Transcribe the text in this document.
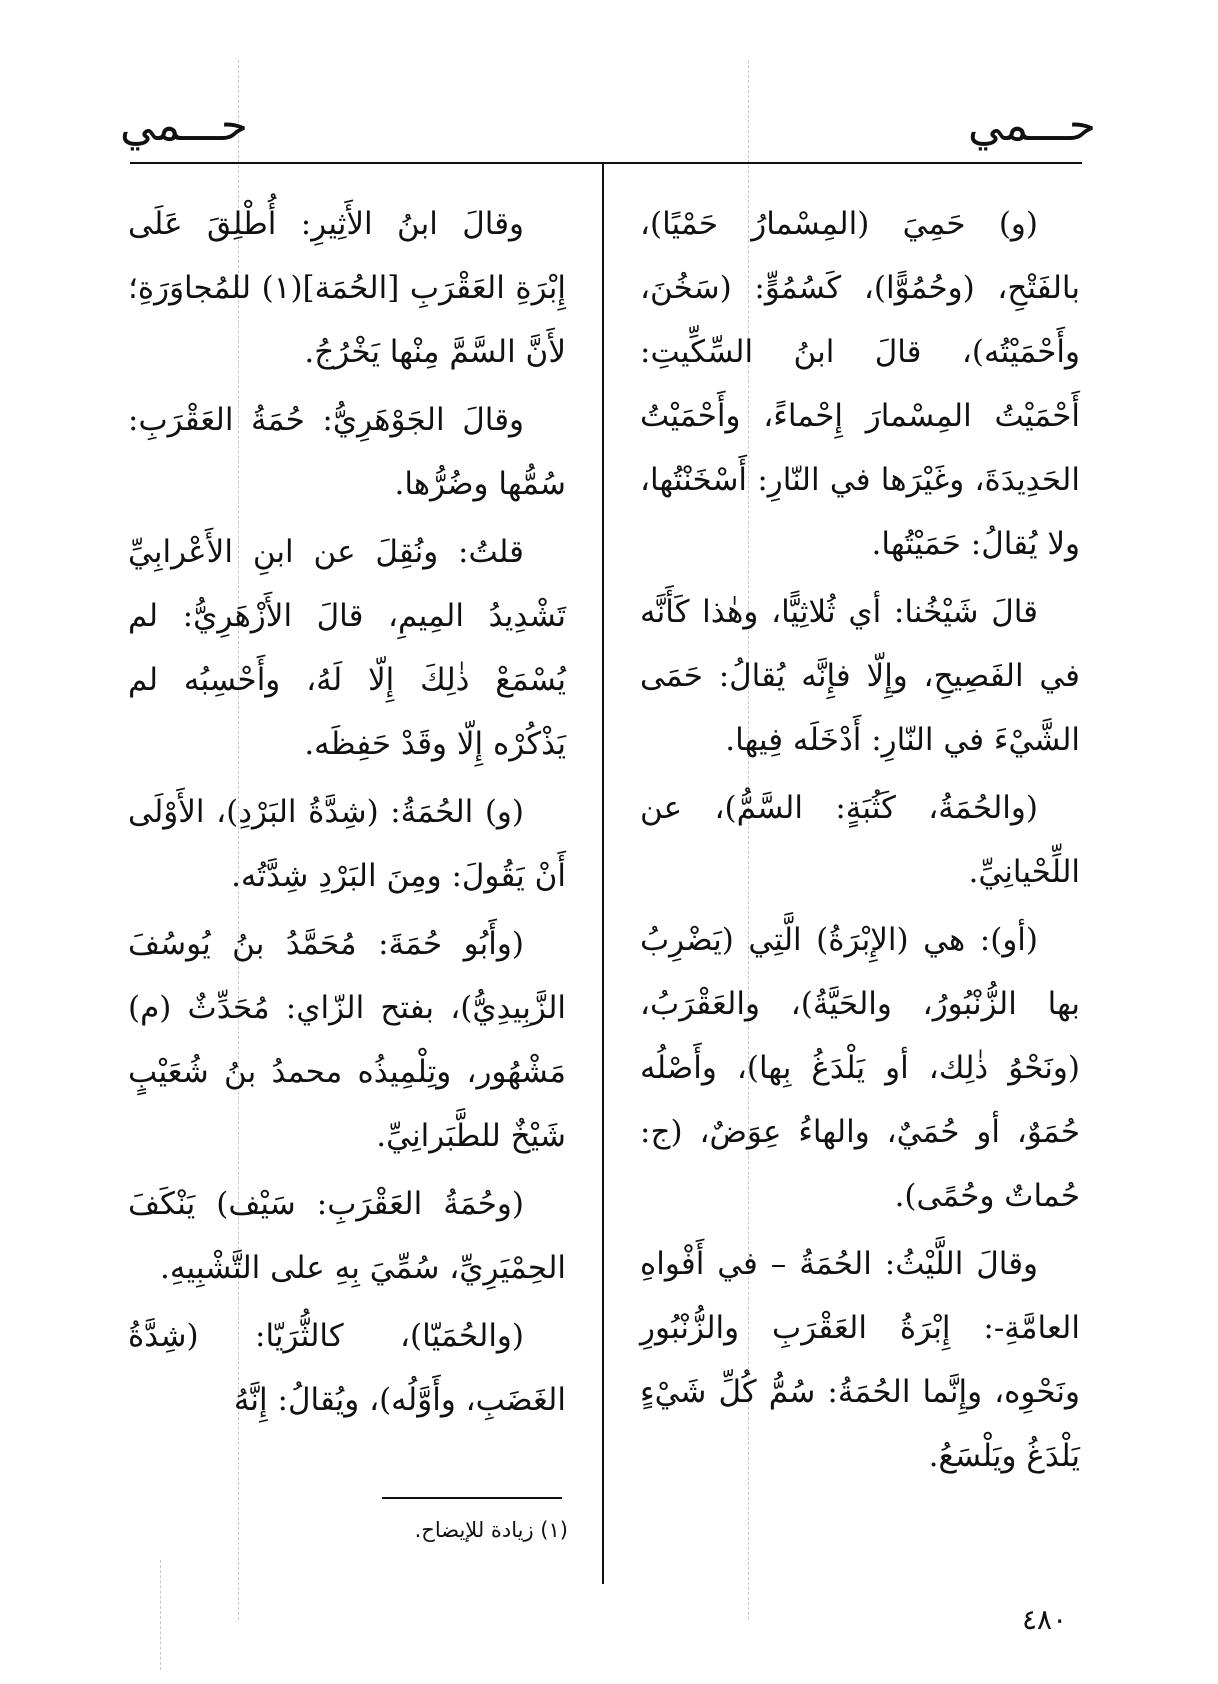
حـــمي
حـــمي

(و) حَمِيَ (المِسْمارُ حَمْيًا)، بالفَتْحِ، (وحُمُوًّا)، كَسُمُوٍّ: (سَخُنَ، وأَحْمَيْتُه)، قالَ ابنُ السِّكِّيتِ: أَحْمَيْتُ المِسْمارَ إِحْماءً، وأَحْمَيْتُ الحَدِيدَةَ، وغَيْرَها في النّارِ: أَسْخَنْتُها، ولا يُقالُ: حَمَيْتُها.

قالَ شَيْخُنا: أي ثُلاثِيًّا، وهٰذا كَأَنَّه في الفَصِيحِ، وإِلّا فإِنَّه يُقالُ: حَمَى الشَّيْءَ في النّارِ: أَدْخَلَه فِيها.

(والحُمَةُ، كَثُبَةٍ: السَّمُّ)، عن اللِّحْيانِيِّ.

(أو): هي (الإِبْرَةُ) الَّتِي (يَضْرِبُ بها الزُّنْبُورُ، والحَيَّةُ)، والعَقْرَبُ، (ونَحْوُ ذٰلِك، أو يَلْدَغُ بِها)، وأَصْلُه حُمَوٌ، أو حُمَيٌ، والهاءُ عِوَضٌ، (ج: حُماتٌ وحُمًى).

وقالَ اللَّيْثُ: الحُمَةُ – في أَفْواهِ العامَّةِ-: إِبْرَةُ العَقْرَبِ والزُّنْبُورِ ونَحْوِه، وإِنَّما الحُمَةُ: سُمُّ كُلِّ شَيْءٍ يَلْدَغُ ويَلْسَعُ.

وقالَ ابنُ الأَثِيرِ: أُطْلِقَ عَلَى إِبْرَةِ العَقْرَبِ [الحُمَة](١) للمُجاوَرَةِ؛ لأَنَّ السَّمَّ مِنْها يَخْرُجُ.

وقالَ الجَوْهَرِيُّ: حُمَةُ العَقْرَبِ: سُمُّها وضُرُّها.

قلتُ: ونُقِلَ عن ابنِ الأَعْرابِيِّ تَشْدِيدُ المِيمِ، قالَ الأَزْهَرِيُّ: لم يُسْمَعْ ذٰلِكَ إِلّا لَهُ، وأَحْسِبُه لم يَذْكُرْه إِلّا وقَدْ حَفِظَه.

(و) الحُمَةُ: (شِدَّةُ البَرْدِ)، الأَوْلَى أَنْ يَقُولَ: ومِنَ البَرْدِ شِدَّتُه.

(وأَبُو حُمَةَ: مُحَمَّدُ بنُ يُوسُفَ الزَّبِيدِيُّ)، بفتح الزّاي: مُحَدِّثٌ (م) مَشْهُور، وتِلْمِيذُه محمدُ بنُ شُعَيْبٍ شَيْخٌ للطَّبَرانِيِّ.

(وحُمَةُ العَقْرَبِ: سَيْف) يَنْكَفَ الحِمْيَرِيِّ، سُمِّيَ بِهِ على التَّشْبِيهِ.

(والحُمَيّا)، كالثُّرَيّا: (شِدَّةُ الغَضَبِ، وأَوَّلُه)، ويُقالُ: إِنَّهُ

(١) زيادة للإيضاح.
٤٨٠
